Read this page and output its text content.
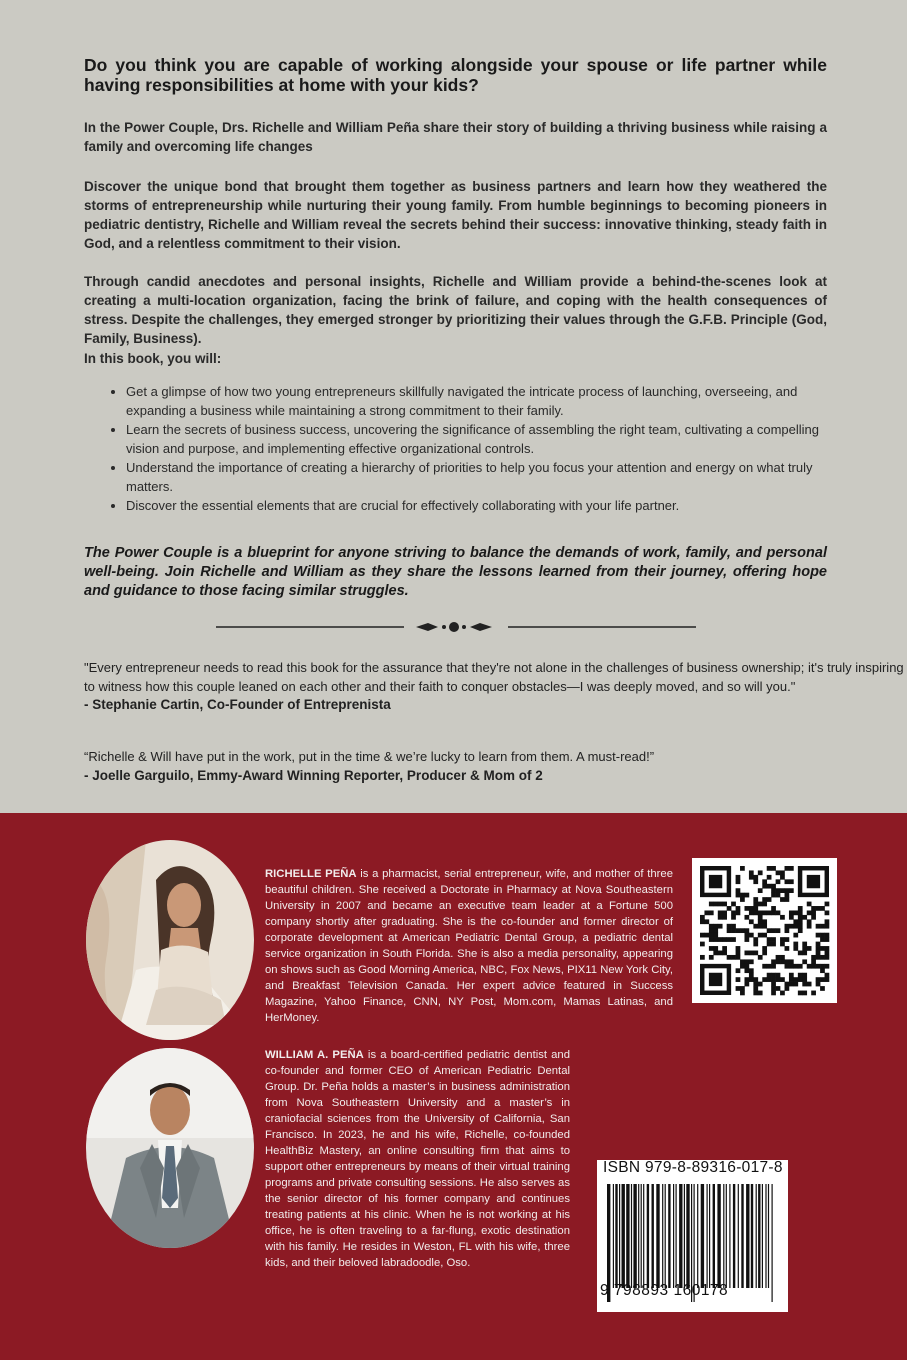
Do you think you are capable of working alongside your spouse or life partner while having responsibilities at home with your kids?
In the Power Couple, Drs. Richelle and William Peña share their story of building a thriving business while raising a family and overcoming life changes
Discover the unique bond that brought them together as business partners and learn how they weathered the storms of entrepreneurship while nurturing their young family. From humble beginnings to becoming pioneers in pediatric dentistry, Richelle and William reveal the secrets behind their success: innovative thinking, steady faith in God, and a relentless commitment to their vision.
Through candid anecdotes and personal insights, Richelle and William provide a behind-the-scenes look at creating a multi-location organization, facing the brink of failure, and coping with the health consequences of stress. Despite the challenges, they emerged stronger by prioritizing their values through the G.F.B. Principle (God, Family, Business).
In this book, you will:
• Get a glimpse of how two young entrepreneurs skillfully navigated the intricate process of launching, overseeing, and expanding a business while maintaining a strong commitment to their family.
• Learn the secrets of business success, uncovering the significance of assembling the right team, cultivating a compelling vision and purpose, and implementing effective organizational controls.
• Understand the importance of creating a hierarchy of priorities to help you focus your attention and energy on what truly matters.
• Discover the essential elements that are crucial for effectively collaborating with your life partner.
The Power Couple is a blueprint for anyone striving to balance the demands of work, family, and personal well-being. Join Richelle and William as they share the lessons learned from their journey, offering hope and guidance to those facing similar struggles.
"Every entrepreneur needs to read this book for the assurance that they're not alone in the challenges of business ownership; it's truly inspiring to witness how this couple leaned on each other and their faith to conquer obstacles—I was deeply moved, and so will you."
- Stephanie Cartin, Co-Founder of Entreprenista
“Richelle & Will have put in the work, put in the time & we’re lucky to learn from them. A must-read!”
- Joelle Garguilo, Emmy-Award Winning Reporter, Producer & Mom of 2
RICHELLE PEÑA is a pharmacist, serial entrepreneur, wife, and mother of three beautiful children. She received a Doctorate in Pharmacy at Nova Southeastern University in 2007 and became an executive team leader at a Fortune 500 company shortly after graduating. She is the co-founder and former director of corporate development at American Pediatric Dental Group, a pediatric dental service organization in South Florida. She is also a media personality, appearing on shows such as Good Morning America, NBC, Fox News, PIX11 New York City, and Breakfast Television Canada. Her expert advice featured in Success Magazine, Yahoo Finance, CNN, NY Post, Mom.com, Mamas Latinas, and HerMoney.
WILLIAM A. PEÑA is a board-certified pediatric dentist and co-founder and former CEO of American Pediatric Dental Group. Dr. Peña holds a master’s in business administration from Nova Southeastern University and a master’s in craniofacial sciences from the University of California, San Francisco. In 2023, he and his wife, Richelle, co-founded HealthBiz Mastery, an online consulting firm that aims to support other entrepreneurs by means of their virtual training programs and private consulting sessions. He also serves as the senior director of his former company and continues treating patients at his clinic. When he is not working at his office, he is often traveling to a far-flung, exotic destination with his family. He resides in Weston, FL with his wife, three kids, and their beloved labradoodle, Oso.
ISBN 979-8-89316-017-8
9 798893 160178
